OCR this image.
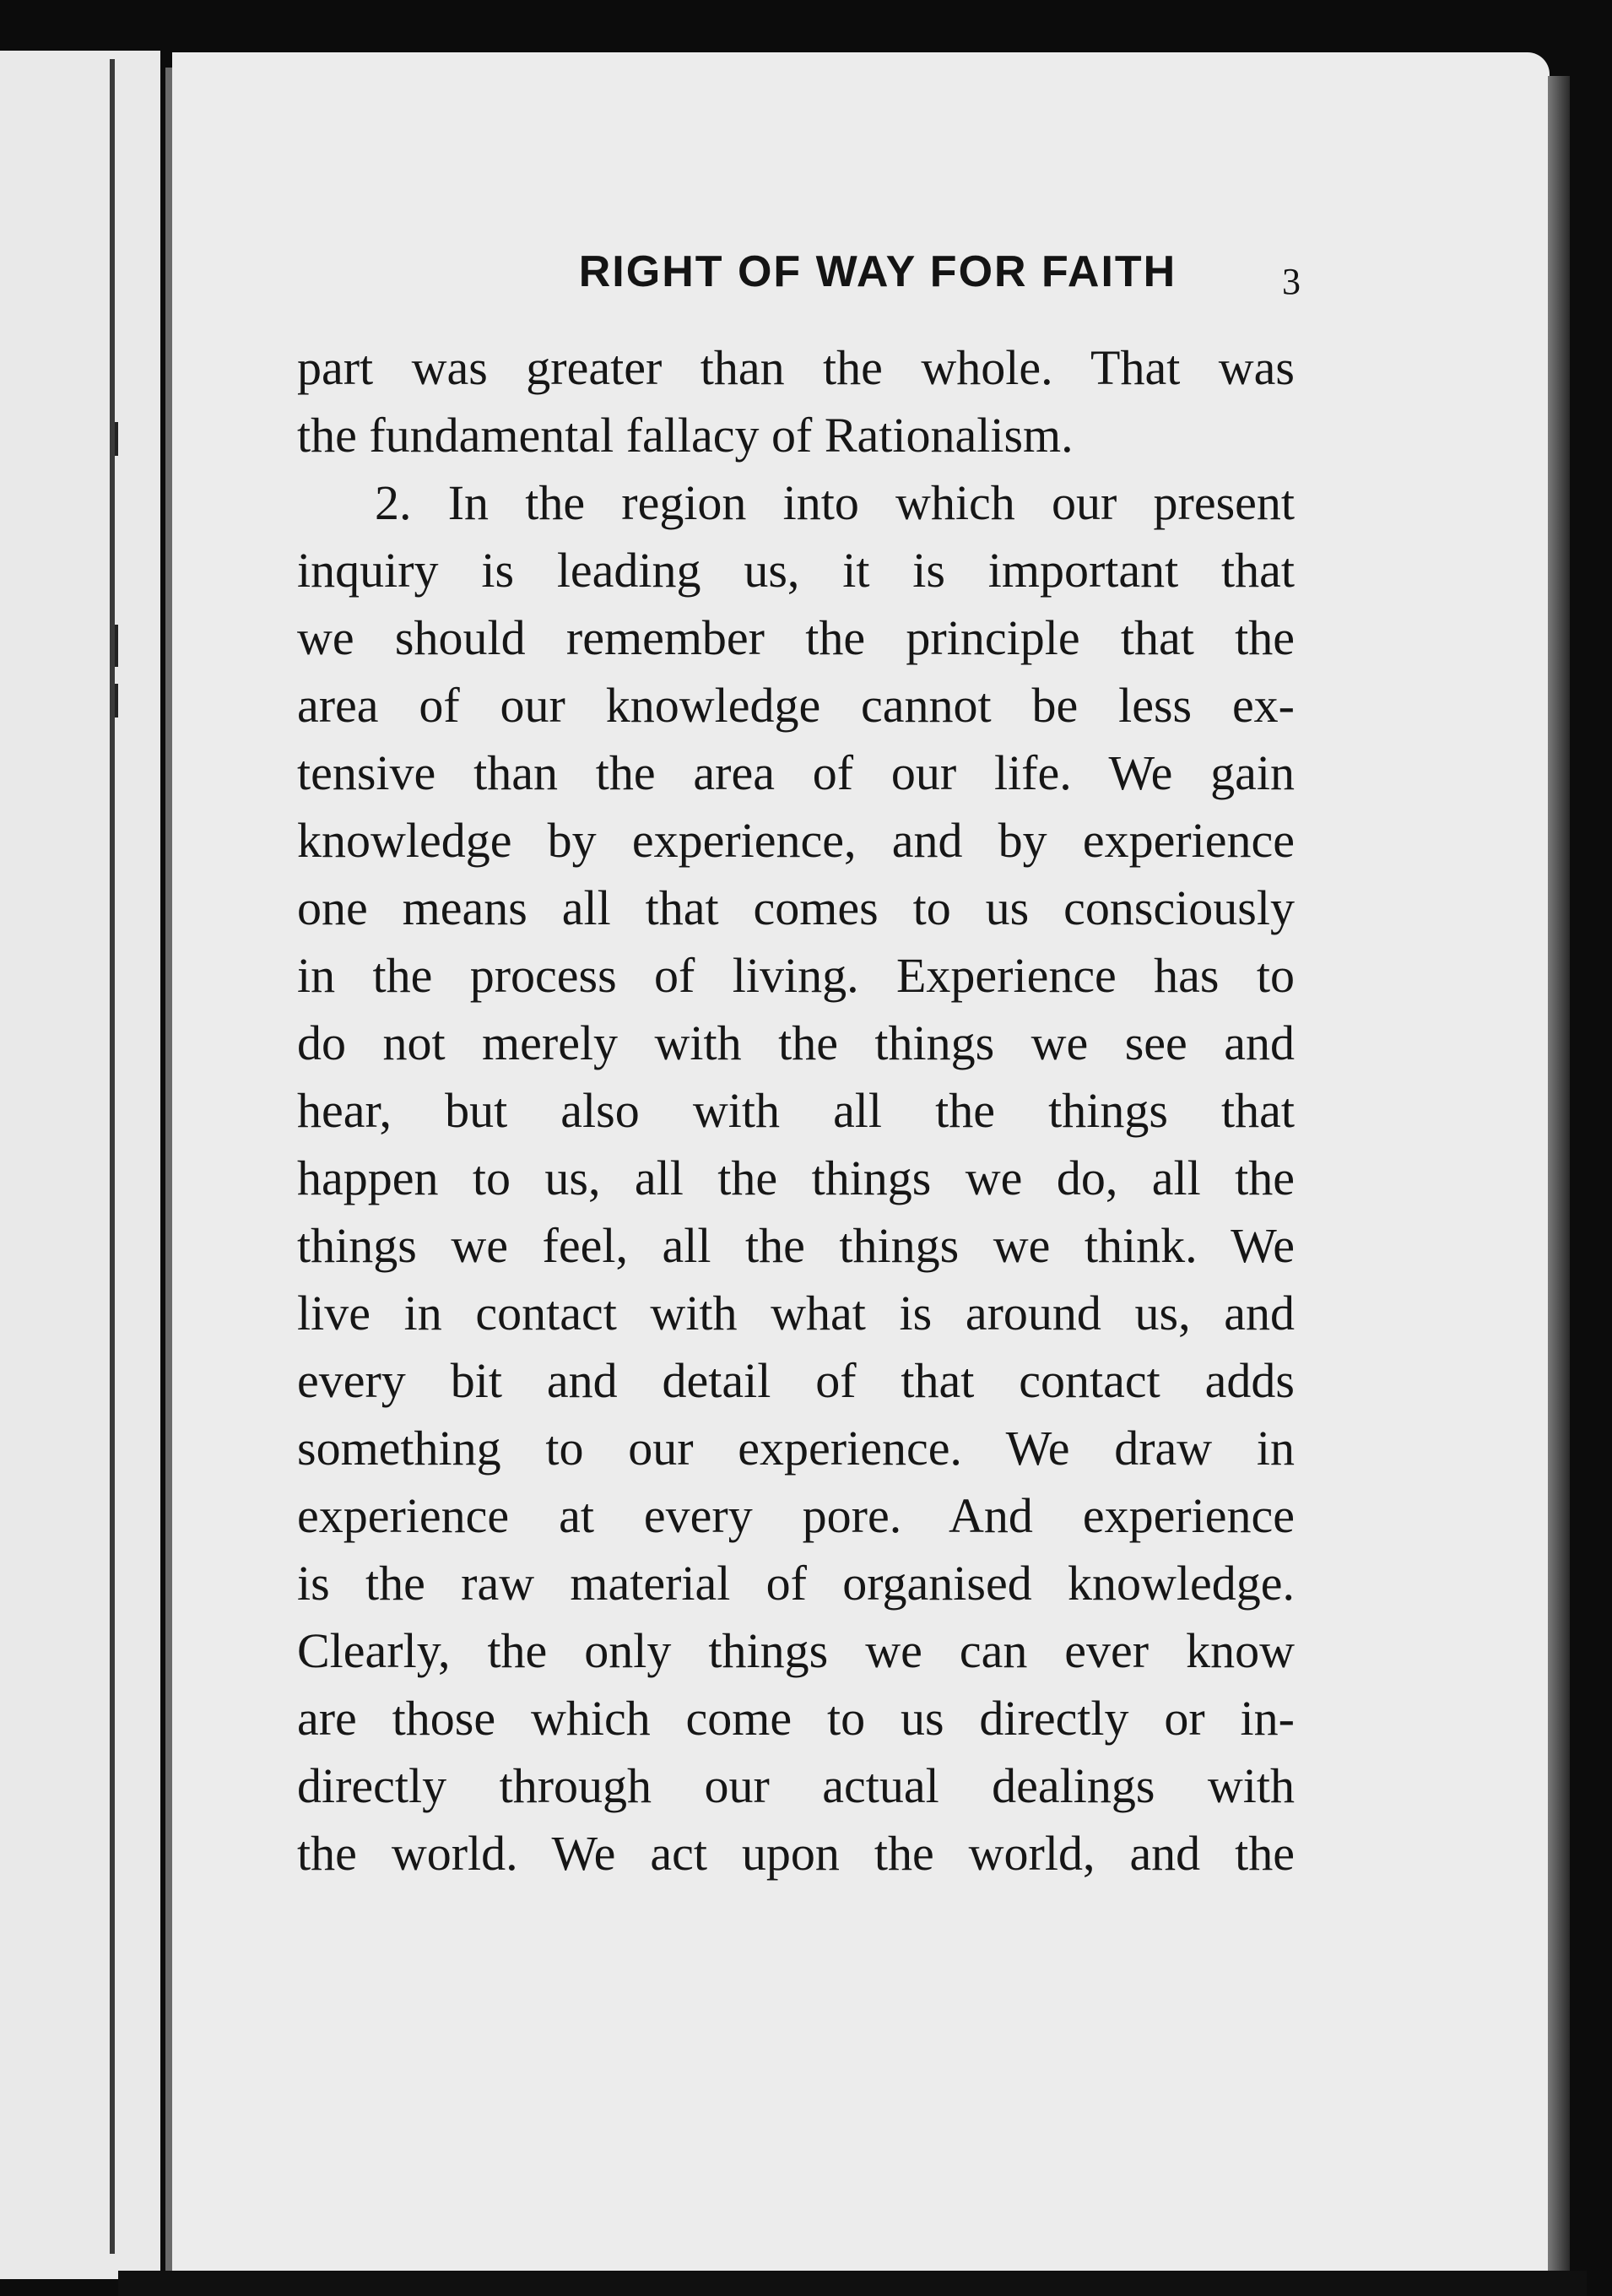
RIGHT OF WAY FOR FAITH	3
part was greater than the whole. That was
the fundamental fallacy of Rationalism.
2. In the region into which our present
inquiry is leading us, it is important that
we should remember the principle that the
area of our knowledge cannot be less ex-
tensive than the area of our life. We gain
knowledge by experience, and by experience
one means all that comes to us consciously
in the process of living. Experience has to
do not merely with the things we see and
hear, but also with all the things that
happen to us, all the things we do, all the
things we feel, all the things we think. We
live in contact with what is around us, and
every bit and detail of that contact adds
something to our experience. We draw in
experience at every pore. And experience
is the raw material of organised knowledge.
Clearly, the only things we can ever know
are those which come to us directly or in-
directly through our actual dealings with
the world. We act upon the world, and the
